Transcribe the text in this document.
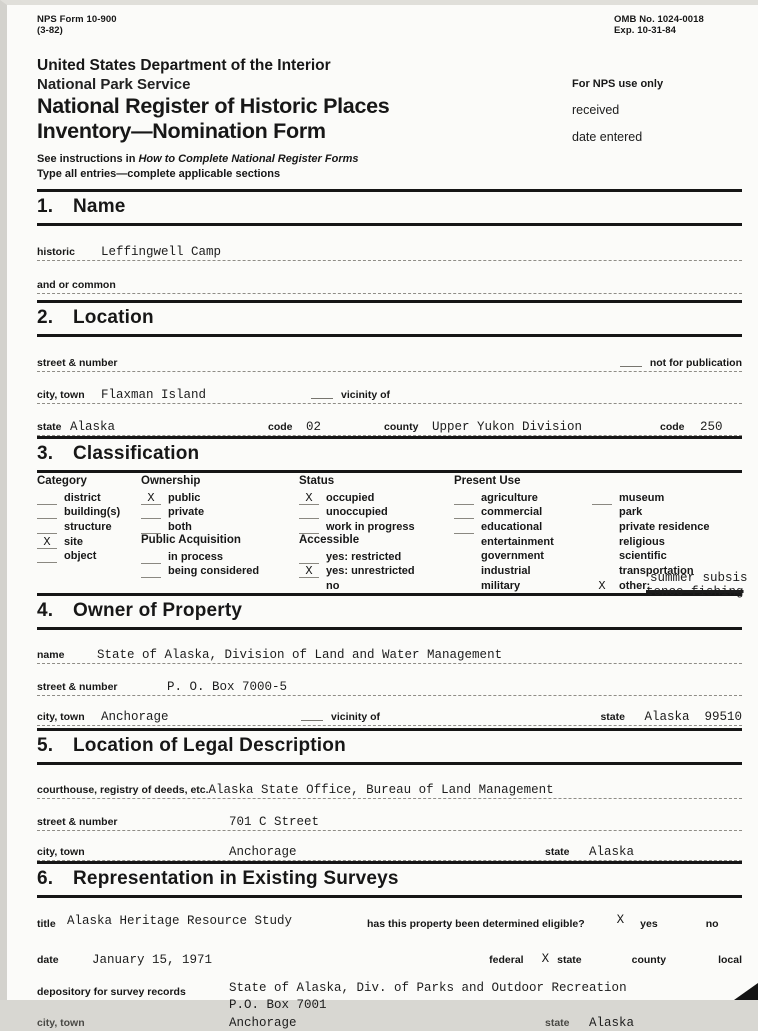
NPS Form 10-900
(3-82)
OMB No. 1024-0018
Exp. 10-31-84
United States Department of the Interior
National Park Service
National Register of Historic Places
Inventory—Nomination Form
For NPS use only
received
date entered
See instructions in How to Complete National Register Forms
Type all entries—complete applicable sections
1. Name
historic	Leffingwell Camp
and or common
2. Location
street & number	not for publication
city, town	Flaxman Island	vicinity of
state Alaska	code	02	county	Upper Yukon Division	code	250
3. Classification
Category
district
building(s)
structure
X	site
object
Ownership
X	public
private
both
Public Acquisition
in process
being considered
Status
X	occupied
unoccupied
work in progress
Accessible
yes: restricted
X	yes: unrestricted
no
Present Use
agriculture
commercial
educational
entertainment
government
industrial
military
museum
park
private residence
religious
scientific
transportation
X	other:
summer subsis
tence fishing
4. Owner of Property
name	State of Alaska, Division of Land and Water Management
street & number	P. O. Box 7000-5
city, town	Anchorage	vicinity of	state	Alaska  99510
5. Location of Legal Description
courthouse, registry of deeds, etc. Alaska State Office, Bureau of Land Management
street & number	701 C Street
city, town	Anchorage	state	Alaska
6. Representation in Existing Surveys
title Alaska Heritage Resource Study	has this property been determined eligible?	X yes	no
date	January 15, 1971	federal X state	county	local
depository for survey records	State of Alaska, Div. of Parks and Outdoor Recreation
P.O. Box 7001
city, town	Anchorage	state	Alaska
